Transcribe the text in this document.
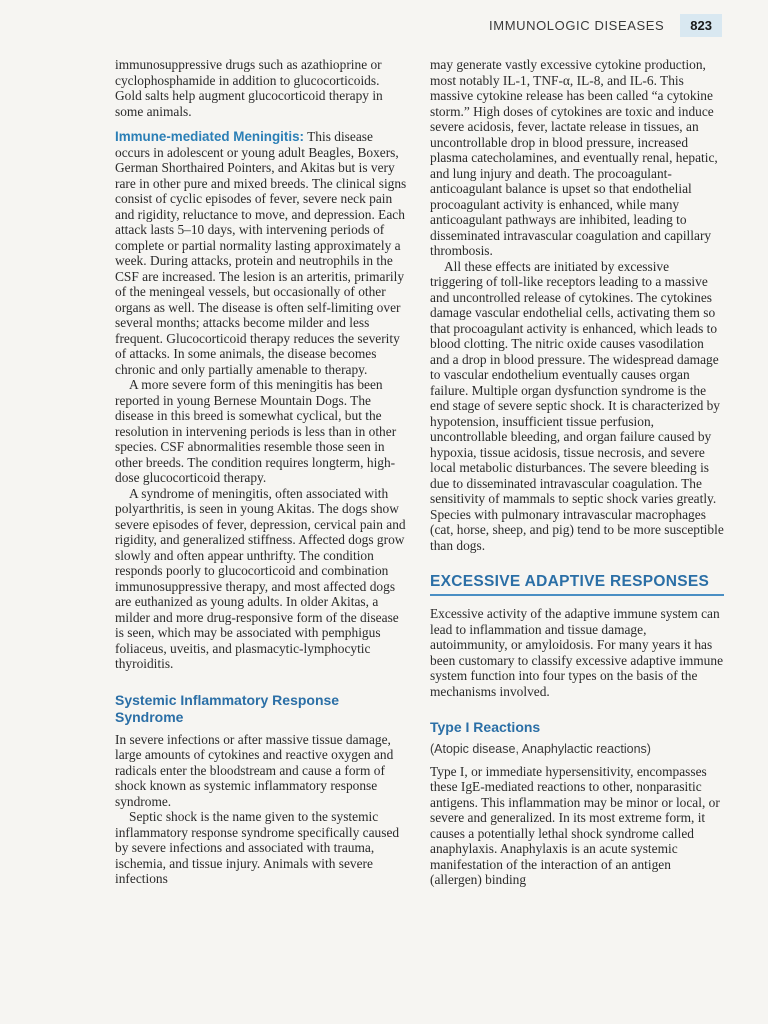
IMMUNOLOGIC DISEASES	823

immunosuppressive drugs such as azathioprine or cyclophosphamide in addition to glucocorticoids. Gold salts help augment glucocorticoid therapy in some animals.

Immune-mediated Meningitis: This disease occurs in adolescent or young adult Beagles, Boxers, German Shorthaired Pointers, and Akitas but is very rare in other pure and mixed breeds. The clinical signs consist of cyclic episodes of fever, severe neck pain and rigidity, reluctance to move, and depression. Each attack lasts 5–10 days, with intervening periods of complete or partial normality lasting approximately a week. During attacks, protein and neutrophils in the CSF are increased. The lesion is an arteritis, primarily of the meningeal vessels, but occasionally of other organs as well. The disease is often self-limiting over several months; attacks become milder and less frequent. Glucocorticoid therapy reduces the severity of attacks. In some animals, the disease becomes chronic and only partially amenable to therapy.

A more severe form of this meningitis has been reported in young Bernese Mountain Dogs. The disease in this breed is somewhat cyclical, but the resolution in intervening periods is less than in other species. CSF abnormalities resemble those seen in other breeds. The condition requires longterm, high-dose glucocorticoid therapy.

A syndrome of meningitis, often associated with polyarthritis, is seen in young Akitas. The dogs show severe episodes of fever, depression, cervical pain and rigidity, and generalized stiffness. Affected dogs grow slowly and often appear unthrifty. The condition responds poorly to glucocorticoid and combination immunosuppressive therapy, and most affected dogs are euthanized as young adults. In older Akitas, a milder and more drug-responsive form of the disease is seen, which may be associated with pemphigus foliaceus, uveitis, and plasmacytic-lymphocytic thyroiditis.

Systemic Inflammatory Response Syndrome

In severe infections or after massive tissue damage, large amounts of cytokines and reactive oxygen and radicals enter the bloodstream and cause a form of shock known as systemic inflammatory response syndrome.

Septic shock is the name given to the systemic inflammatory response syndrome specifically caused by severe infections and associated with trauma, ischemia, and tissue injury. Animals with severe infections

may generate vastly excessive cytokine production, most notably IL-1, TNF-α, IL-8, and IL-6. This massive cytokine release has been called “a cytokine storm.” High doses of cytokines are toxic and induce severe acidosis, fever, lactate release in tissues, an uncontrollable drop in blood pressure, increased plasma catecholamines, and eventually renal, hepatic, and lung injury and death. The procoagulant-anticoagulant balance is upset so that endothelial procoagulant activity is enhanced, while many anticoagulant pathways are inhibited, leading to disseminated intravascular coagulation and capillary thrombosis.

All these effects are initiated by excessive triggering of toll-like receptors leading to a massive and uncontrolled release of cytokines. The cytokines damage vascular endothelial cells, activating them so that procoagulant activity is enhanced, which leads to blood clotting. The nitric oxide causes vasodilation and a drop in blood pressure. The widespread damage to vascular endothelium eventually causes organ failure. Multiple organ dysfunction syndrome is the end stage of severe septic shock. It is characterized by hypotension, insufficient tissue perfusion, uncontrollable bleeding, and organ failure caused by hypoxia, tissue acidosis, tissue necrosis, and severe local metabolic disturbances. The severe bleeding is due to disseminated intravascular coagulation. The sensitivity of mammals to septic shock varies greatly. Species with pulmonary intravascular macrophages (cat, horse, sheep, and pig) tend to be more susceptible than dogs.

EXCESSIVE ADAPTIVE RESPONSES

Excessive activity of the adaptive immune system can lead to inflammation and tissue damage, autoimmunity, or amyloidosis. For many years it has been customary to classify excessive adaptive immune system function into four types on the basis of the mechanisms involved.

Type I Reactions

(Atopic disease, Anaphylactic reactions)

Type I, or immediate hypersensitivity, encompasses these IgE-mediated reactions to other, nonparasitic antigens. This inflammation may be minor or local, or severe and generalized. In its most extreme form, it causes a potentially lethal shock syndrome called anaphylaxis. Anaphylaxis is an acute systemic manifestation of the interaction of an antigen (allergen) binding
